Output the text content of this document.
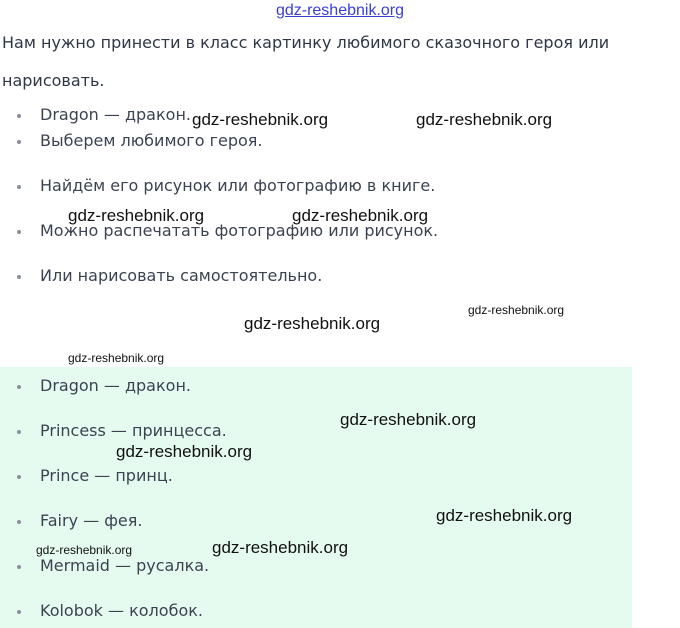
gdz-reshebnik.org
Нам нужно принести в класс картинку любимого сказочного героя или нарисовать.
Dragon — дракон.
Выберем любимого героя.
Найдём его рисунок или фотографию в книге.
Можно распечатать фотографию или рисунок.
Или нарисовать самостоятельно.
Dragon — дракон.
Princess — принцесса.
Prince — принц.
Fairy — фея.
Mermaid — русалка.
Kolobok — колобок.
gdz-reshebnik.org	gdz-reshebnik.org
gdz-reshebnik.org	gdz-reshebnik.org
gdz-reshebnik.org
gdz-reshebnik.org
gdz-reshebnik.org
gdz-reshebnik.org
gdz-reshebnik.org
gdz-reshebnik.org
gdz-reshebnik.org	gdz-reshebnik.org
